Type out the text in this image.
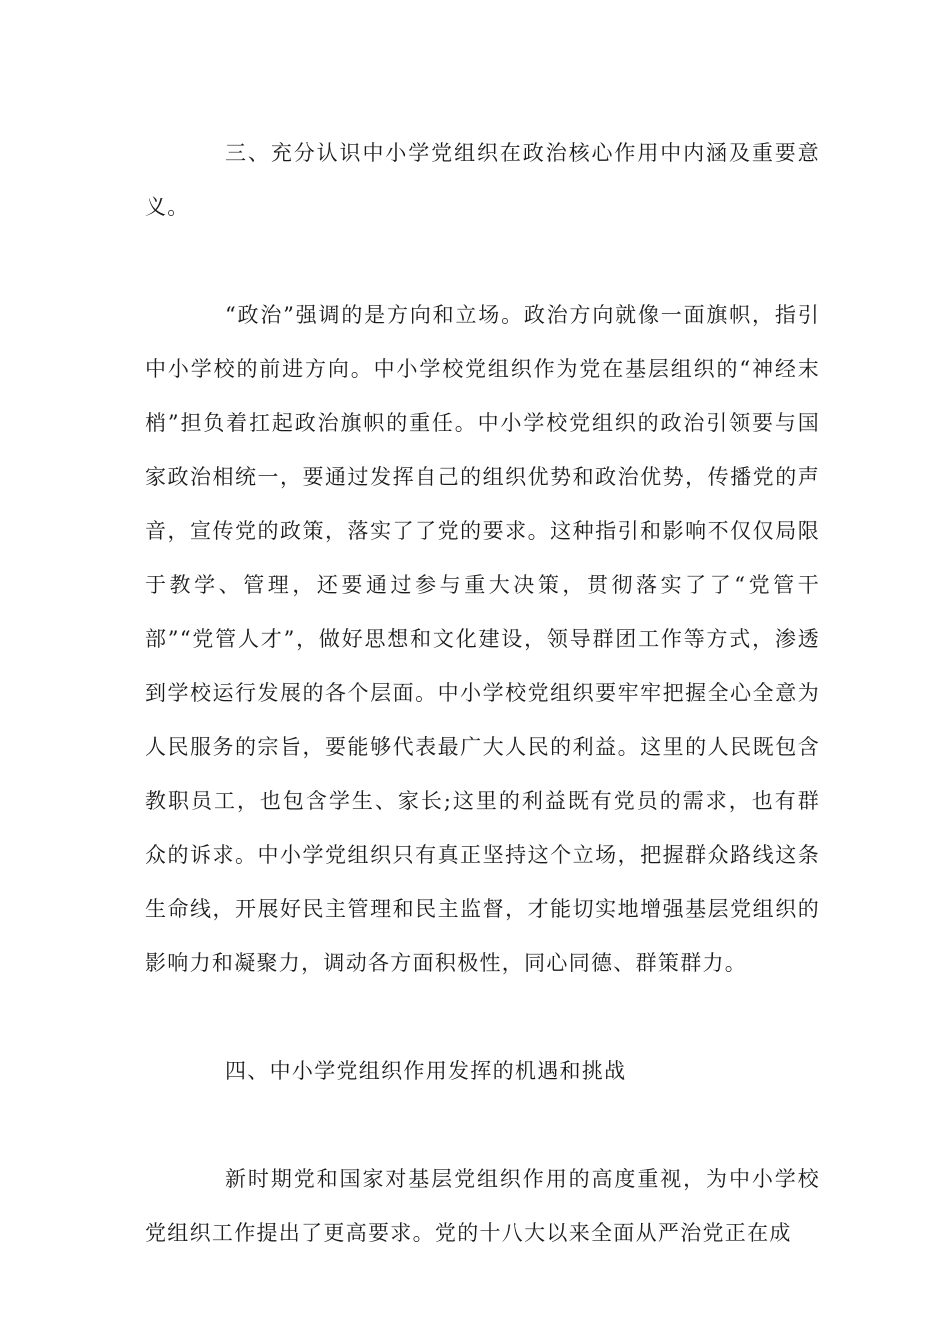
三、充分认识中小学党组织在政治核心作用中内涵及重要意义。

“政治”强调的是方向和立场。政治方向就像一面旗帜，指引中小学校的前进方向。中小学校党组织作为党在基层组织的“神经末梢”担负着扛起政治旗帜的重任。中小学校党组织的政治引领要与国家政治相统一，要通过发挥自己的组织优势和政治优势，传播党的声音，宣传党的政策，落实了了党的要求。这种指引和影响不仅仅局限于教学、管理，还要通过参与重大决策，贯彻落实了了“党管干部”“党管人才”，做好思想和文化建设，领导群团工作等方式，渗透到学校运行发展的各个层面。中小学校党组织要牢牢把握全心全意为人民服务的宗旨，要能够代表最广大人民的利益。这里的人民既包含教职员工，也包含学生、家长;这里的利益既有党员的需求，也有群众的诉求。中小学党组织只有真正坚持这个立场，把握群众路线这条生命线，开展好民主管理和民主监督，才能切实地增强基层党组织的影响力和凝聚力，调动各方面积极性，同心同德、群策群力。

四、中小学党组织作用发挥的机遇和挑战

新时期党和国家对基层党组织作用的高度重视，为中小学校党组织工作提出了更高要求。党的十八大以来全面从严治党正在成
